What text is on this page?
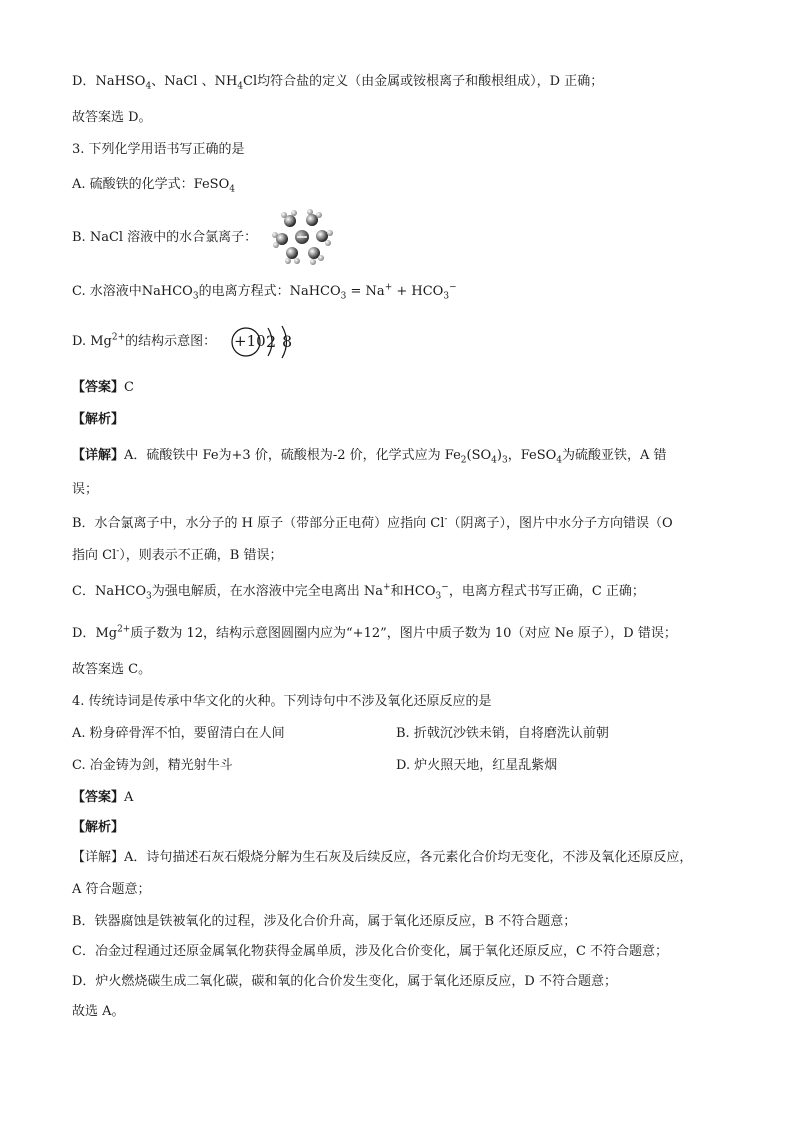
D．NaHSO$_4$、NaCl 、$NH_4Cl$均符合盐的定义（由金属或铵根离子和酸根组成），D 正确；
故答案选 D。
3. 下列化学用语书写正确的是
A. 硫酸铁的化学式：FeSO$_4$
B. NaCl 溶液中的水合氯离子：
C. 水溶液中NaHCO$_3$的电离方程式：NaHCO$_3$ = $Na^+ + HCO_3^-$
D. $Mg^{2+}$的结构示意图：	+10 2 8
【答案】C
【解析】
【详解】A．硫酸铁中 Fe为+3 价，硫酸根为-2 价，化学式应为 $Fe_2(SO_4)_3$，FeSO$_4$为硫酸亚铁，A 错
误；
B．水合氯离子中，水分子的 H 原子（带部分正电荷）应指向 Cl-（阴离子），图片中水分子方向错误（O
指向 Cl-），则表示不正确，B 错误；
C．NaHCO$_3$为强电解质，在水溶液中完全电离出 Na+和$HCO_3^-$，电离方程式书写正确，C 正确；
D．$Mg^{2+}$质子数为 12，结构示意图圆圈内应为“+12”，图片中质子数为 10（对应 Ne 原子），D 错误；
故答案选 C。
4. 传统诗词是传承中华文化的火种。下列诗句中不涉及氧化还原反应的是
A. 粉身碎骨浑不怕，要留清白在人间	B. 折戟沉沙铁未销，自将磨洗认前朝
C. 冶金铸为剑，精光射牛斗	D. 炉火照天地，红星乱紫烟
【答案】A
【解析】
【详解】A．诗句描述石灰石煅烧分解为生石灰及后续反应，各元素化合价均无变化，不涉及氧化还原反应，
A 符合题意；
B．铁器腐蚀是铁被氧化的过程，涉及化合价升高，属于氧化还原反应，B 不符合题意；
C．冶金过程通过还原金属氧化物获得金属单质，涉及化合价变化，属于氧化还原反应，C 不符合题意；
D．炉火燃烧碳生成二氧化碳，碳和氧的化合价发生变化，属于氧化还原反应，D 不符合题意；
故选 A。
